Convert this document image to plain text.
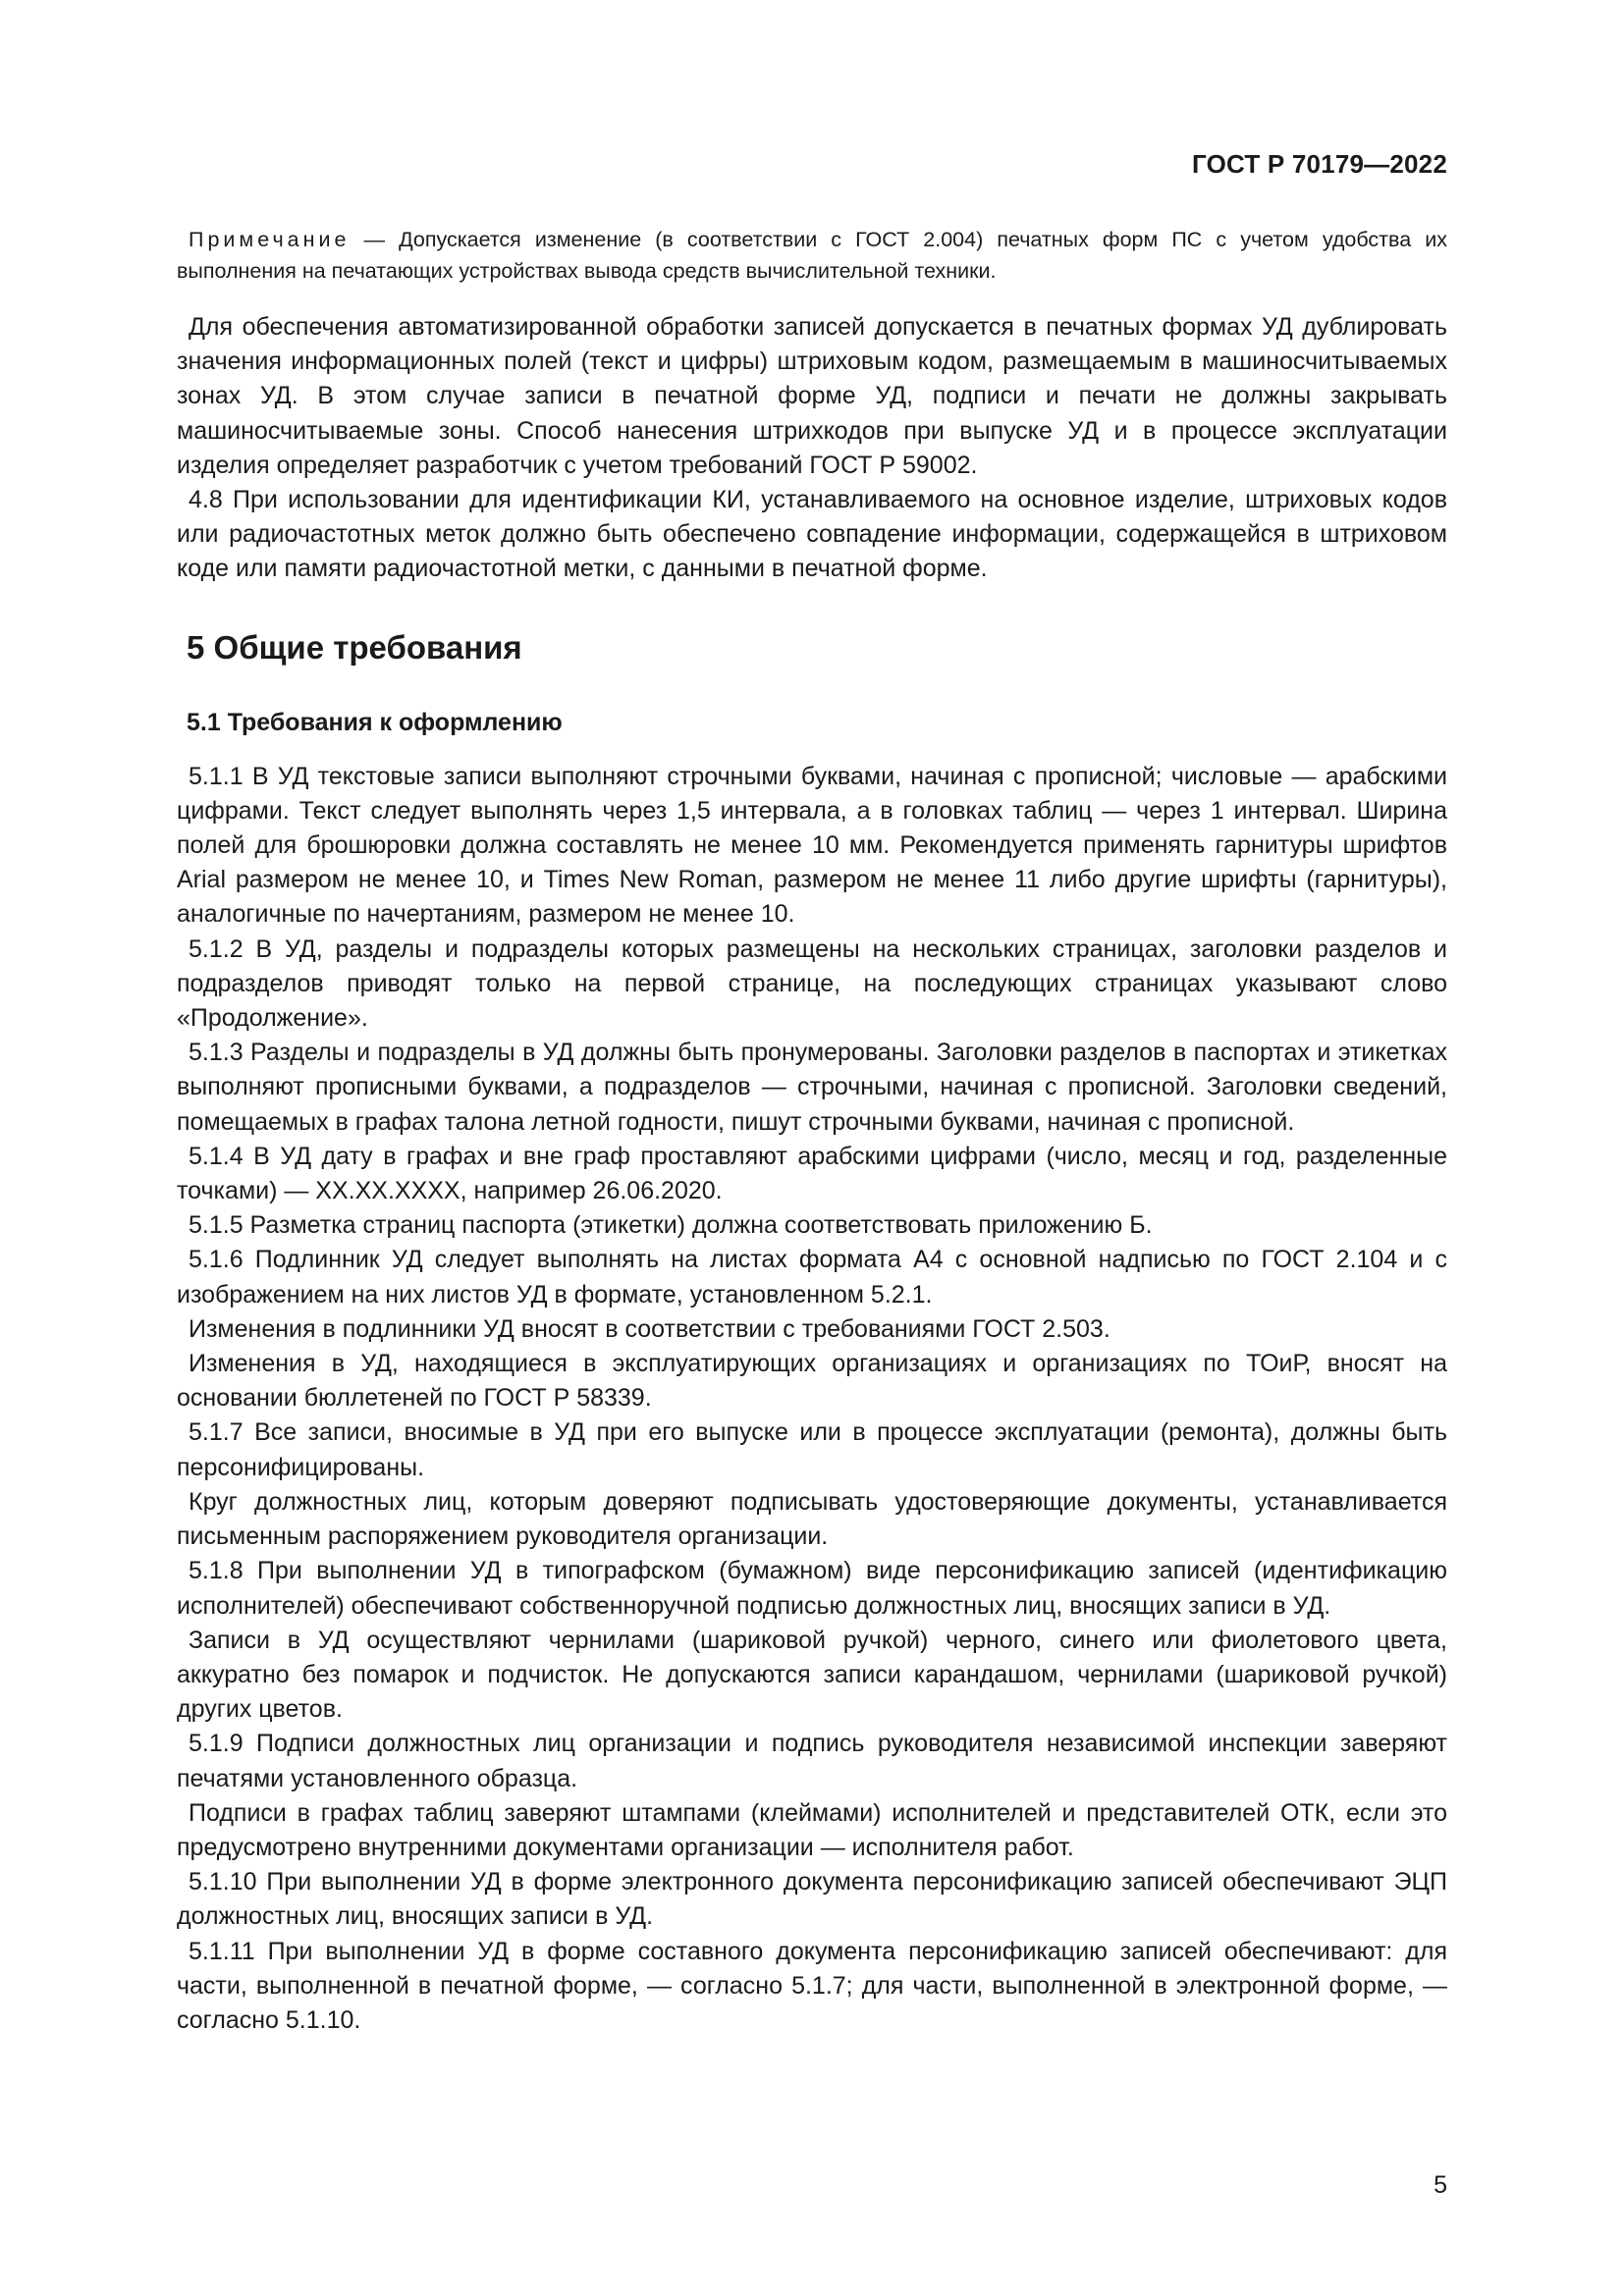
ГОСТ Р 70179—2022

Примечание — Допускается изменение (в соответствии с ГОСТ 2.004) печатных форм ПС с учетом удобства их выполнения на печатающих устройствах вывода средств вычислительной техники.

Для обеспечения автоматизированной обработки записей допускается в печатных формах УД дублировать значения информационных полей (текст и цифры) штриховым кодом, размещаемым в машиносчитываемых зонах УД. В этом случае записи в печатной форме УД, подписи и печати не должны закрывать машиносчитываемые зоны. Способ нанесения штрихкодов при выпуске УД и в процессе эксплуатации изделия определяет разработчик с учетом требований ГОСТ Р 59002.

4.8 При использовании для идентификации КИ, устанавливаемого на основное изделие, штриховых кодов или радиочастотных меток должно быть обеспечено совпадение информации, содержащейся в штриховом коде или памяти радиочастотной метки, с данными в печатной форме.

5 Общие требования
5.1 Требования к оформлению

5.1.1 В УД текстовые записи выполняют строчными буквами, начиная с прописной; числовые — арабскими цифрами. Текст следует выполнять через 1,5 интервала, а в головках таблиц — через 1 интервал. Ширина полей для брошюровки должна составлять не менее 10 мм. Рекомендуется применять гарнитуры шрифтов Arial размером не менее 10, и Times New Roman, размером не менее 11 либо другие шрифты (гарнитуры), аналогичные по начертаниям, размером не менее 10.

5.1.2 В УД, разделы и подразделы которых размещены на нескольких страницах, заголовки разделов и подразделов приводят только на первой странице, на последующих страницах указывают слово «Продолжение».

5.1.3 Разделы и подразделы в УД должны быть пронумерованы. Заголовки разделов в паспортах и этикетках выполняют прописными буквами, а подразделов — строчными, начиная с прописной. Заголовки сведений, помещаемых в графах талона летной годности, пишут строчными буквами, начиная с прописной.

5.1.4 В УД дату в графах и вне граф проставляют арабскими цифрами (число, месяц и год, разделенные точками) — XX.XX.XXXX, например 26.06.2020.

5.1.5 Разметка страниц паспорта (этикетки) должна соответствовать приложению Б.

5.1.6 Подлинник УД следует выполнять на листах формата А4 с основной надписью по ГОСТ 2.104 и с изображением на них листов УД в формате, установленном 5.2.1.

Изменения в подлинники УД вносят в соответствии с требованиями ГОСТ 2.503.

Изменения в УД, находящиеся в эксплуатирующих организациях и организациях по ТОиР, вносят на основании бюллетеней по ГОСТ Р 58339.

5.1.7 Все записи, вносимые в УД при его выпуске или в процессе эксплуатации (ремонта), должны быть персонифицированы.

Круг должностных лиц, которым доверяют подписывать удостоверяющие документы, устанавливается письменным распоряжением руководителя организации.

5.1.8 При выполнении УД в типографском (бумажном) виде персонификацию записей (идентификацию исполнителей) обеспечивают собственноручной подписью должностных лиц, вносящих записи в УД.

Записи в УД осуществляют чернилами (шариковой ручкой) черного, синего или фиолетового цвета, аккуратно без помарок и подчисток. Не допускаются записи карандашом, чернилами (шариковой ручкой) других цветов.

5.1.9 Подписи должностных лиц организации и подпись руководителя независимой инспекции заверяют печатями установленного образца.

Подписи в графах таблиц заверяют штампами (клеймами) исполнителей и представителей ОТК, если это предусмотрено внутренними документами организации — исполнителя работ.

5.1.10 При выполнении УД в форме электронного документа персонификацию записей обеспечивают ЭЦП должностных лиц, вносящих записи в УД.

5.1.11 При выполнении УД в форме составного документа персонификацию записей обеспечивают: для части, выполненной в печатной форме, — согласно 5.1.7; для части, выполненной в электронной форме, — согласно 5.1.10.

5
